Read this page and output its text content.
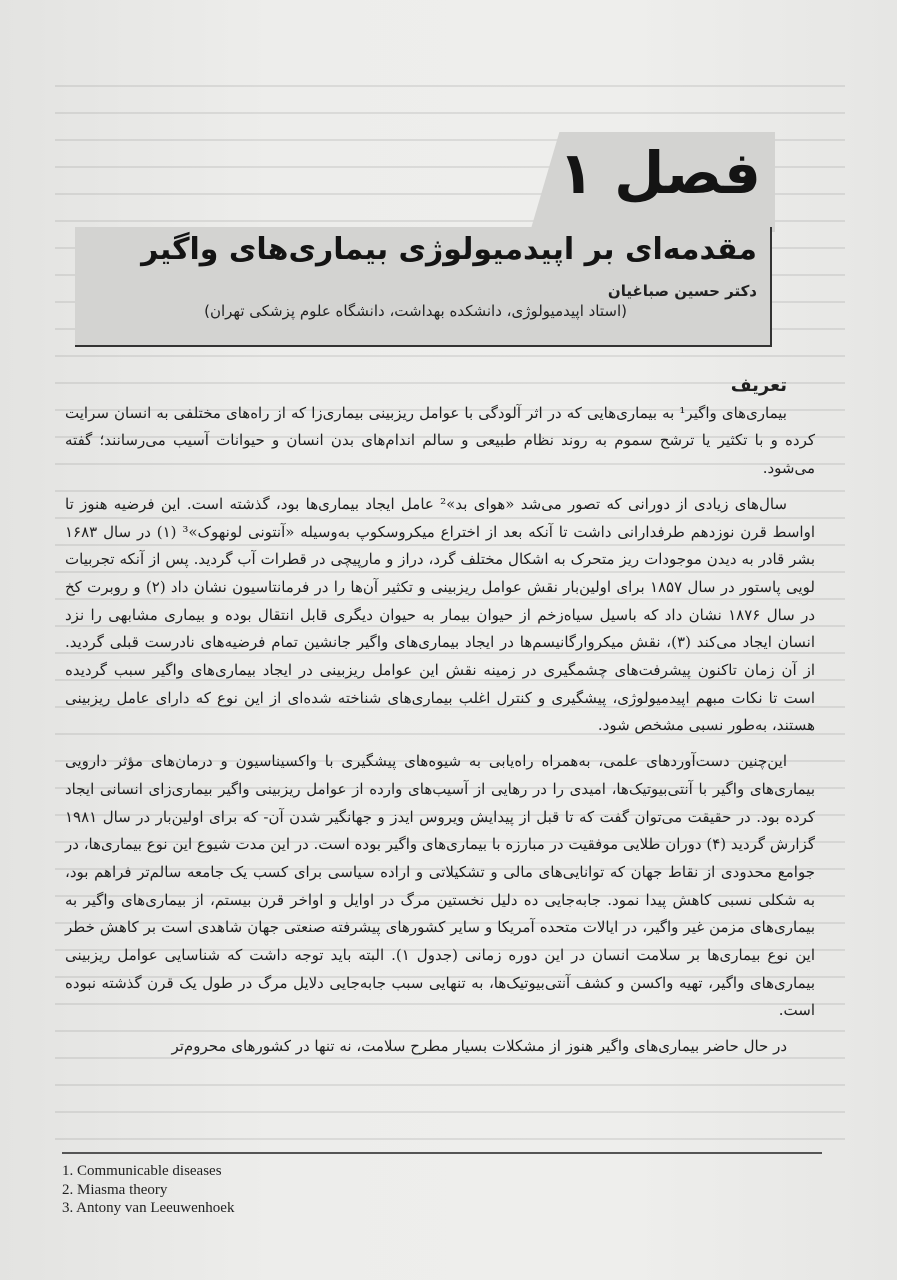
فصل ۱
مقدمه‌ای بر اپیدمیولوژی بیماری‌های واگیر

دکتر حسین صباغیان
(استاد اپیدمیولوژی، دانشکده بهداشت، دانشگاه علوم پزشکی تهران)

تعریف

بیماری‌های واگیر¹ به بیماری‌هایی که در اثر آلودگی با عوامل ریزبینی بیماری‌زا که از راه‌های مختلفی به انسان سرایت کرده و با تکثیر یا ترشح سموم به روند نظام طبیعی و سالم اندام‌های بدن انسان و حیوانات آسیب می‌رسانند؛ گفته می‌شود.

سال‌های زیادی از دورانی که تصور می‌شد «هوای بد»² عامل ایجاد بیماری‌ها بود، گذشته است. این فرضیه هنوز تا اواسط قرن نوزدهم طرفدارانی داشت تا آنکه بعد از اختراع میکروسکوپ به‌وسیله «آنتونی لونهوک»³ (۱) در سال ۱۶۸۳ بشر قادر به دیدن موجودات ریز متحرک به اشکال مختلف گرد، دراز و مارپیچی در قطرات آب گردید. پس از آنکه تجربیات لویی پاستور در سال ۱۸۵۷ برای اولین‌بار نقش عوامل ریزبینی و تکثیر آن‌ها را در فرمانتاسیون نشان داد (۲) و روبرت کخ در سال ۱۸۷۶ نشان داد که باسیل سیاه‌زخم از حیوان بیمار به حیوان دیگری قابل انتقال بوده و بیماری مشابهی را نزد انسان ایجاد می‌کند (۳)، نقش میکروارگانیسم‌ها در ایجاد بیماری‌های واگیر جانشین تمام فرضیه‌های نادرست قبلی گردید. از آن زمان تاکنون پیشرفت‌های چشمگیری در زمینه نقش این عوامل ریزبینی در ایجاد بیماری‌های واگیر سبب گردیده است تا نکات مبهم اپیدمیولوژی، پیشگیری و کنترل اغلب بیماری‌های شناخته شده‌ای از این نوع که دارای عامل ریزبینی هستند، به‌طور نسبی مشخص شود.

این‌چنین دست‌آوردهای علمی، به‌همراه راه‌یابی به شیوه‌های پیشگیری با واکسیناسیون و درمان‌های مؤثر دارویی بیماری‌های واگیر با آنتی‌بیوتیک‌ها، امیدی را در رهایی از آسیب‌های وارده از عوامل ریزبینی واگیر بیماری‌زای انسانی ایجاد کرده بود. در حقیقت می‌توان گفت که تا قبل از پیدایش ویروس ایدز و جهانگیر شدن آن- که برای اولین‌بار در سال ۱۹۸۱ گزارش گردید (۴) دوران طلایی موفقیت در مبارزه با بیماری‌های واگیر بوده است. در این مدت شیوع این نوع بیماری‌ها، در جوامع محدودی از نقاط جهان که توانایی‌های مالی و تشکیلاتی و اراده سیاسی برای کسب یک جامعه سالم‌تر فراهم بود، به شکلی نسبی کاهش پیدا نمود. جابه‌جایی ده دلیل نخستین مرگ در اوایل و اواخر قرن بیستم، از بیماری‌های واگیر به بیماری‌های مزمن غیر واگیر، در ایالات متحده آمریکا و سایر کشورهای پیشرفته صنعتی جهان شاهدی است بر کاهش خطر این نوع بیماری‌ها بر سلامت انسان در این دوره زمانی (جدول ۱). البته باید توجه داشت که شناسایی عوامل ریزبینی بیماری‌های واگیر، تهیه واکسن و کشف آنتی‌بیوتیک‌ها، به تنهایی سبب جابه‌جایی دلایل مرگ در طول یک قرن گذشته نبوده است.

در حال حاضر بیماری‌های واگیر هنوز از مشکلات بسیار مطرح سلامت، نه تنها در کشورهای محروم‌تر

1. Communicable diseases
2. Miasma theory
3. Antony van Leeuwenhoek
